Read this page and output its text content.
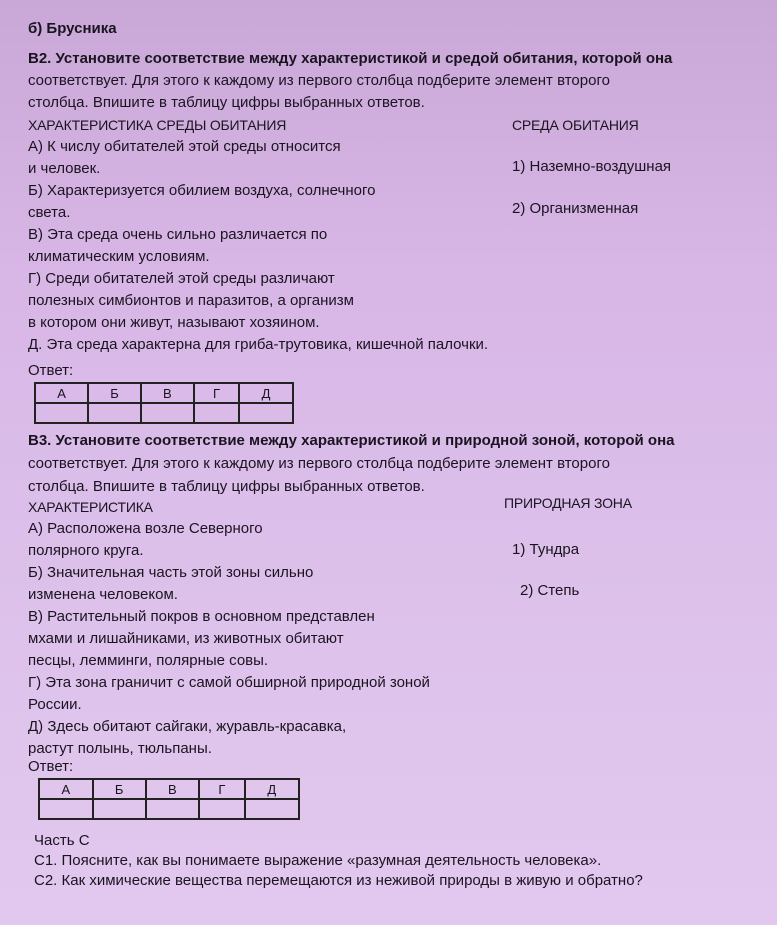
б) Брусника
В2. Установите соответствие между характеристикой и средой обитания, которой она
соответствует. Для этого к каждому из первого столбца подберите элемент второго
столбца. Впишите в таблицу цифры выбранных ответов.
ХАРАКТЕРИСТИКА СРЕДЫ ОБИТАНИЯ	СРЕДА ОБИТАНИЯ
А) К числу обитателей этой среды относится
и человек.
Б) Характеризуется обилием воздуха, солнечного
света.
В) Эта среда очень сильно различается по
климатическим условиям.
Г) Среди обитателей этой среды различают
полезных симбионтов и паразитов, а организм
в котором они живут, называют хозяином.
Д. Эта среда характерна для гриба-трутовика, кишечной палочки.
1) Наземно-воздушная
2) Организменная
Ответ:
А	Б	В	Г	Д

В3. Установите соответствие между характеристикой и природной зоной, которой она
соответствует. Для этого к каждому из первого столбца подберите элемент второго
столбца. Впишите в таблицу цифры выбранных ответов.
ХАРАКТЕРИСТИКА	ПРИРОДНАЯ ЗОНА
А) Расположена возле Северного
полярного круга.
Б) Значительная часть этой зоны сильно
изменена человеком.
В) Растительный покров в основном представлен
мхами и лишайниками, из животных обитают
песцы, лемминги, полярные совы.
Г) Эта зона граничит с самой обширной природной зоной
России.
Д) Здесь обитают сайгаки, журавль-красавка,
растут полынь, тюльпаны.
1) Тундра
2) Степь
Ответ:
А	Б	В	Г	Д

Часть С
С1. Поясните, как вы понимаете выражение «разумная деятельность человека».
С2. Как химические вещества перемещаются из неживой природы в живую и обратно?
